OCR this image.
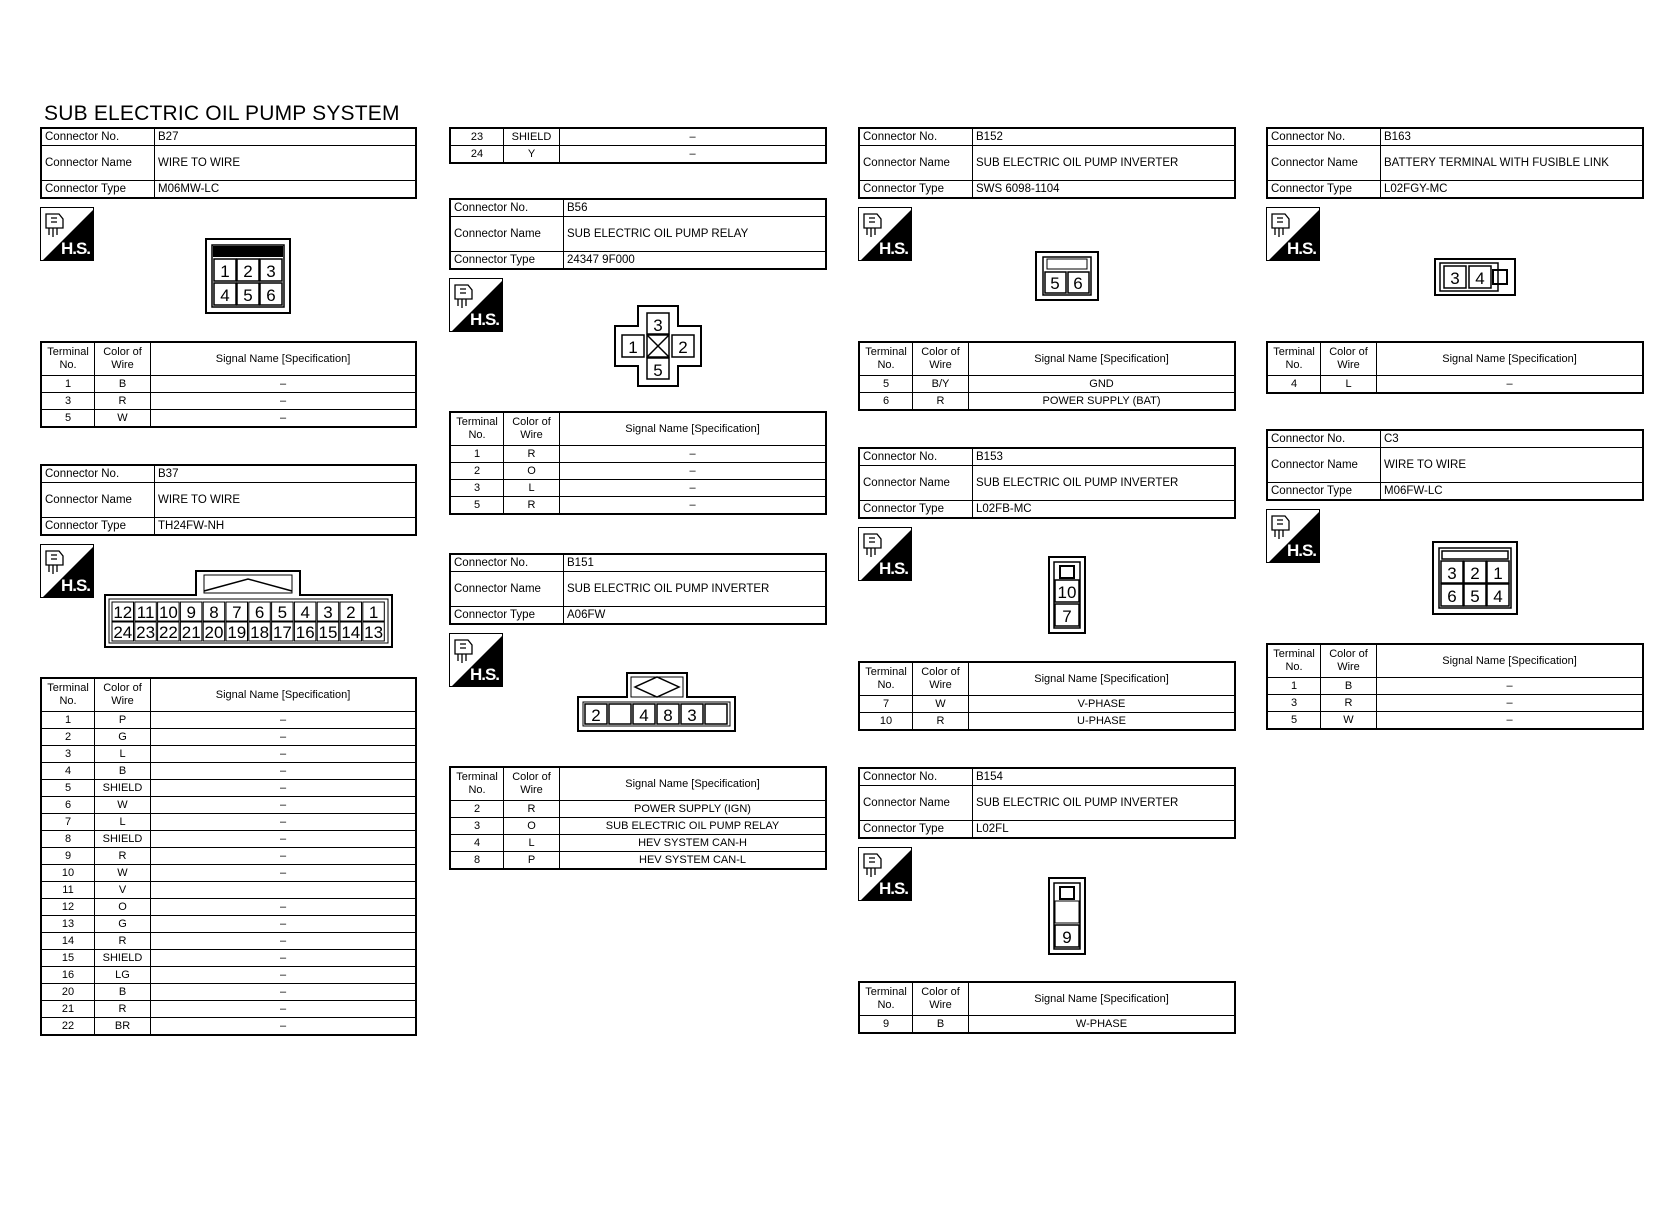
SUB ELECTRIC OIL PUMP SYSTEM
Connector No.	B27
Connector Name	WIRE TO WIRE
Connector Type	M06MW-LC
H.S.
1 2 3
4 5 6
Terminal No.	Color of Wire	Signal Name [Specification]
1	B	–
3	R	–
5	W	–
Connector No.	B37
Connector Name	WIRE TO WIRE
Connector Type	TH24FW-NH
H.S.
12 11 10 9 8 7 6 5 4 3 2 1
24 23 22 21 20 19 18 17 16 15 14 13
Terminal No.	Color of Wire	Signal Name [Specification]
1	P	–
2	G	–
3	L	–
4	B	–
5	SHIELD	–
6	W	–
7	L	–
8	SHIELD	–
9	R	–
10	W	–
11	V	
12	O	–
13	G	–
14	R	–
15	SHIELD	–
16	LG	–
20	B	–
21	R	–
22	BR	–
23	SHIELD	–
24	Y	–
Connector No.	B56
Connector Name	SUB ELECTRIC OIL PUMP RELAY
Connector Type	24347 9F000
H.S.	3
1 2
5
Terminal No.	Color of Wire	Signal Name [Specification]
1	R	–
2	O	–
3	L	–
5	R	–
Connector No.	B151
Connector Name	SUB ELECTRIC OIL PUMP INVERTER
Connector Type	A06FW
H.S.
2 4 8 3
Terminal No.	Color of Wire	Signal Name [Specification]
2	R	POWER SUPPLY (IGN)
3	O	SUB ELECTRIC OIL PUMP RELAY
4	L	HEV SYSTEM CAN-H
8	P	HEV SYSTEM CAN-L
Connector No.	B152
Connector Name	SUB ELECTRIC OIL PUMP INVERTER
Connector Type	SWS 6098-1104
H.S.
5 6
Terminal No.	Color of Wire	Signal Name [Specification]
5	B/Y	GND
6	R	POWER SUPPLY (BAT)
Connector No.	B153
Connector Name	SUB ELECTRIC OIL PUMP INVERTER
Connector Type	L02FB-MC
H.S.
10
7
Terminal No.	Color of Wire	Signal Name [Specification]
7	W	V-PHASE
10	R	U-PHASE
Connector No.	B154
Connector Name	SUB ELECTRIC OIL PUMP INVERTER
Connector Type	L02FL
H.S.
9
Terminal No.	Color of Wire	Signal Name [Specification]
9	B	W-PHASE
Connector No.	B163
Connector Name	BATTERY TERMINAL WITH FUSIBLE LINK
Connector Type	L02FGY-MC
H.S.
3 4
Terminal No.	Color of Wire	Signal Name [Specification]
4	L	–
Connector No.	C3
Connector Name	WIRE TO WIRE
Connector Type	M06FW-LC
H.S.
3 2 1
6 5 4
Terminal No.	Color of Wire	Signal Name [Specification]
1	B	–
3	R	–
5	W	–
